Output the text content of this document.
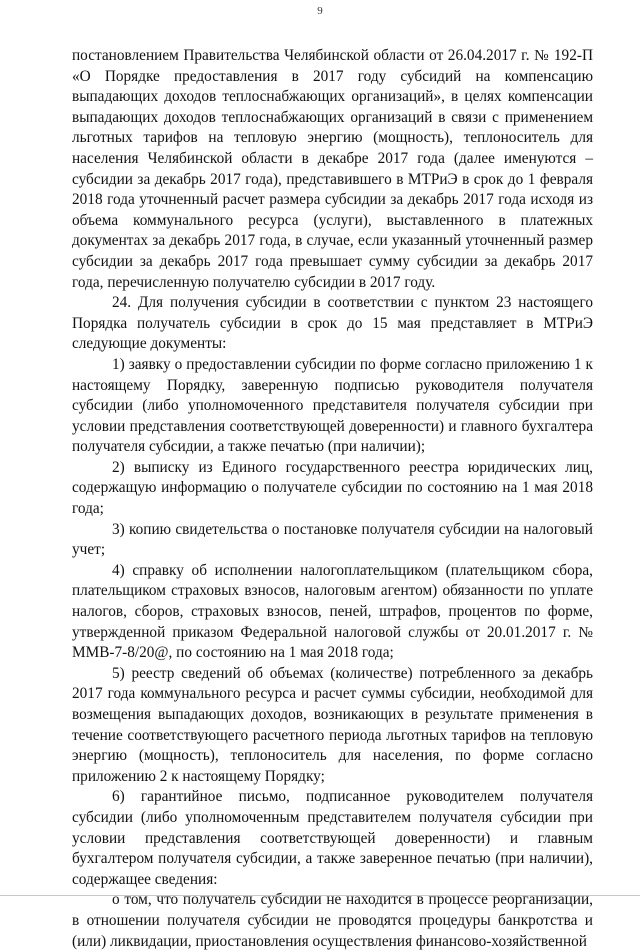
9

постановлением Правительства Челябинской области от 26.04.2017 г. № 192-П «О Порядке предоставления в 2017 году субсидий на компенсацию выпадающих доходов теплоснабжающих организаций», в целях компенсации выпадающих доходов теплоснабжающих организаций в связи с применением льготных тарифов на тепловую энергию (мощность), теплоноситель для населения Челябинской области в декабре 2017 года (далее именуются – субсидии за декабрь 2017 года), представившего в МТРиЭ в срок до 1 февраля 2018 года уточненный расчет размера субсидии за декабрь 2017 года исходя из объема коммунального ресурса (услуги), выставленного в платежных документах за декабрь 2017 года, в случае, если указанный уточненный размер субсидии за декабрь 2017 года превышает сумму субсидии за декабрь 2017 года, перечисленную получателю субсидии в 2017 году.

24. Для получения субсидии в соответствии с пунктом 23 настоящего Порядка получатель субсидии в срок до 15 мая представляет в МТРиЭ следующие документы:

1) заявку о предоставлении субсидии по форме согласно приложению 1 к настоящему Порядку, заверенную подписью руководителя получателя субсидии (либо уполномоченного представителя получателя субсидии при условии представления соответствующей доверенности) и главного бухгалтера получателя субсидии, а также печатью (при наличии);

2) выписку из Единого государственного реестра юридических лиц, содержащую информацию о получателе субсидии по состоянию на 1 мая 2018 года;

3) копию свидетельства о постановке получателя субсидии на налоговый учет;

4) справку об исполнении налогоплательщиком (плательщиком сбора, плательщиком страховых взносов, налоговым агентом) обязанности по уплате налогов, сборов, страховых взносов, пеней, штрафов, процентов по форме, утвержденной приказом Федеральной налоговой службы от 20.01.2017 г. № ММВ-7-8/20@, по состоянию на 1 мая 2018 года;

5) реестр сведений об объемах (количестве) потребленного за декабрь 2017 года коммунального ресурса и расчет суммы субсидии, необходимой для возмещения выпадающих доходов, возникающих в результате применения в течение соответствующего расчетного периода льготных тарифов на тепловую энергию (мощность), теплоноситель для населения, по форме согласно приложению 2 к настоящему Порядку;

6) гарантийное письмо, подписанное руководителем получателя субсидии (либо уполномоченным представителем получателя субсидии при условии представления соответствующей доверенности) и главным бухгалтером получателя субсидии, а также заверенное печатью (при наличии), содержащее сведения:

о том, что получатель субсидии не находится в процессе реорганизации, в отношении получателя субсидии не проводятся процедуры банкротства и (или) ликвидации, приостановления осуществления финансово-хозяйственной
